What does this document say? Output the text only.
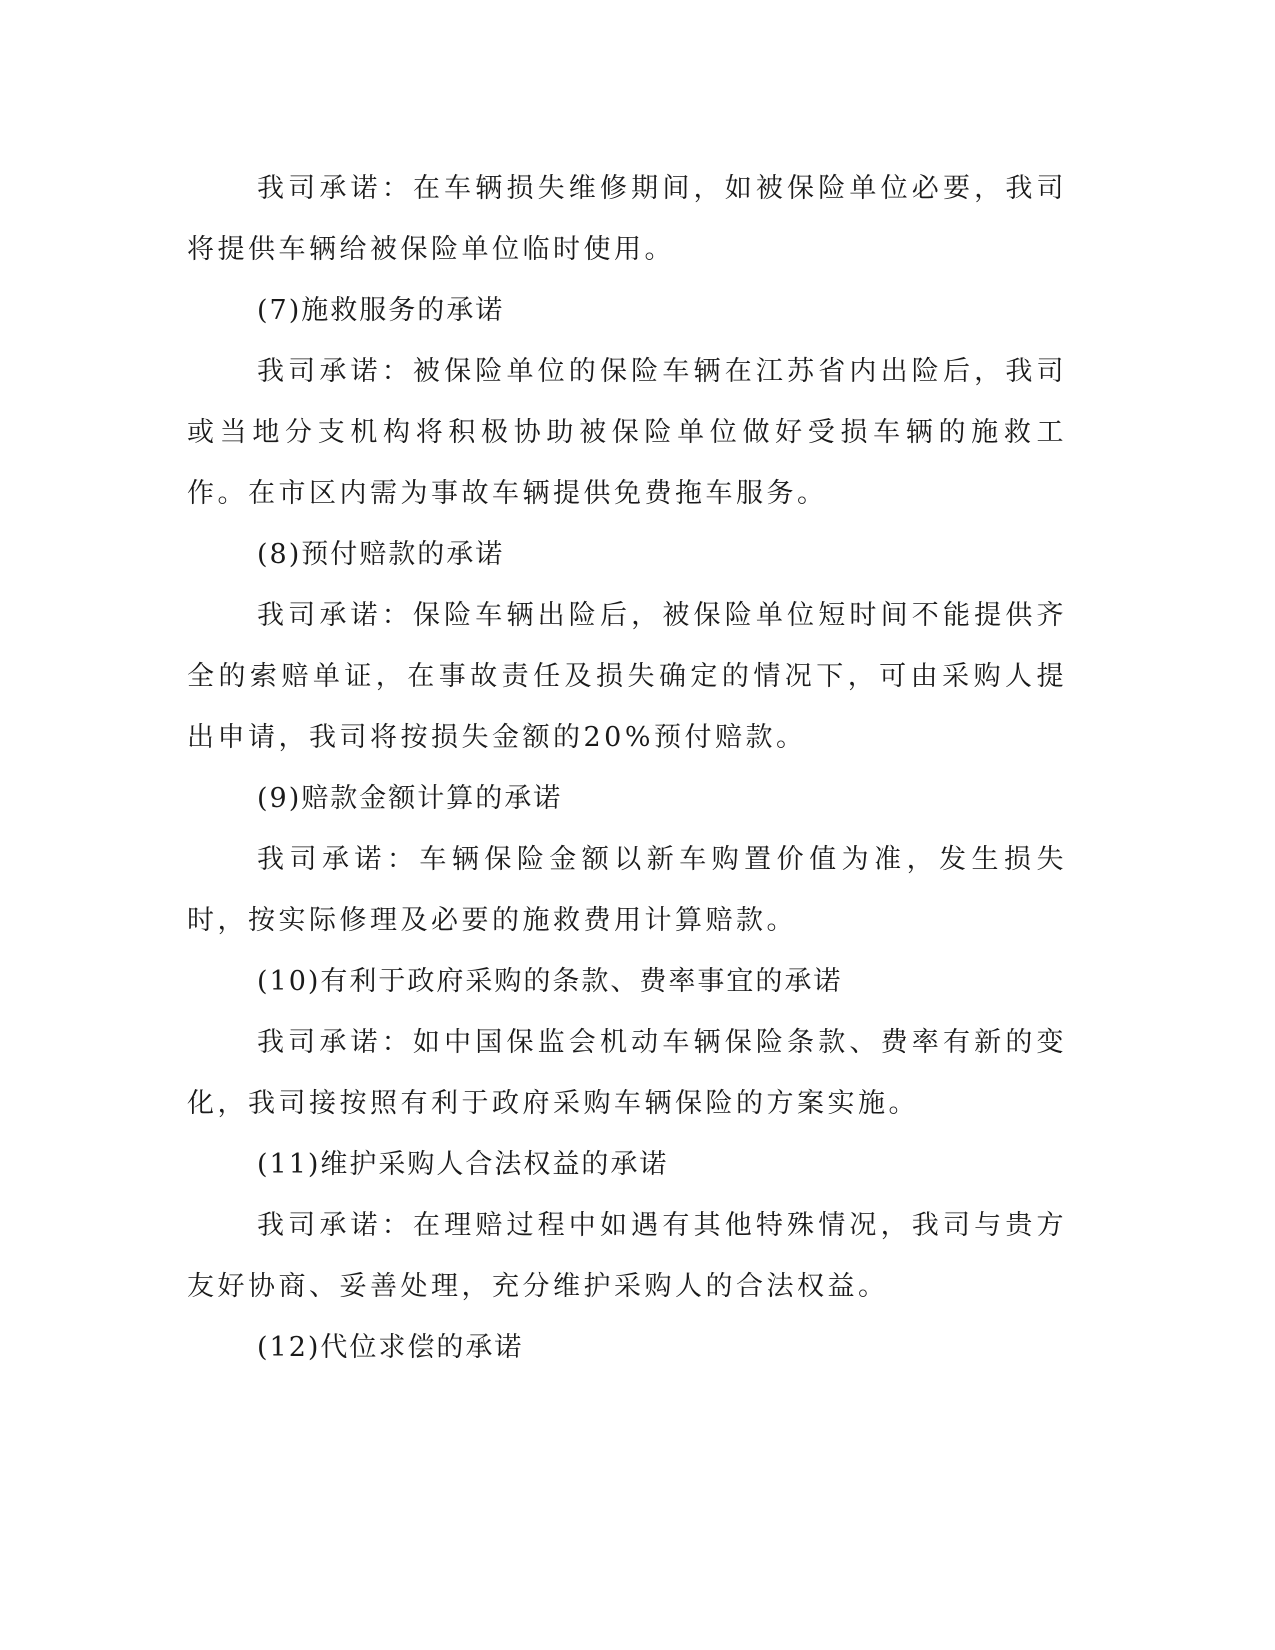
我司承诺：在车辆损失维修期间，如被保险单位必要，我司将提供车辆给被保险单位临时使用。

(7)施救服务的承诺

我司承诺：被保险单位的保险车辆在江苏省内出险后，我司或当地分支机构将积极协助被保险单位做好受损车辆的施救工作。在市区内需为事故车辆提供免费拖车服务。

(8)预付赔款的承诺

我司承诺：保险车辆出险后，被保险单位短时间不能提供齐全的索赔单证，在事故责任及损失确定的情况下，可由采购人提出申请，我司将按损失金额的20%预付赔款。

(9)赔款金额计算的承诺

我司承诺：车辆保险金额以新车购置价值为准，发生损失时，按实际修理及必要的施救费用计算赔款。

(10)有利于政府采购的条款、费率事宜的承诺

我司承诺：如中国保监会机动车辆保险条款、费率有新的变化，我司接按照有利于政府采购车辆保险的方案实施。

(11)维护采购人合法权益的承诺

我司承诺：在理赔过程中如遇有其他特殊情况，我司与贵方友好协商、妥善处理，充分维护采购人的合法权益。

(12)代位求偿的承诺
